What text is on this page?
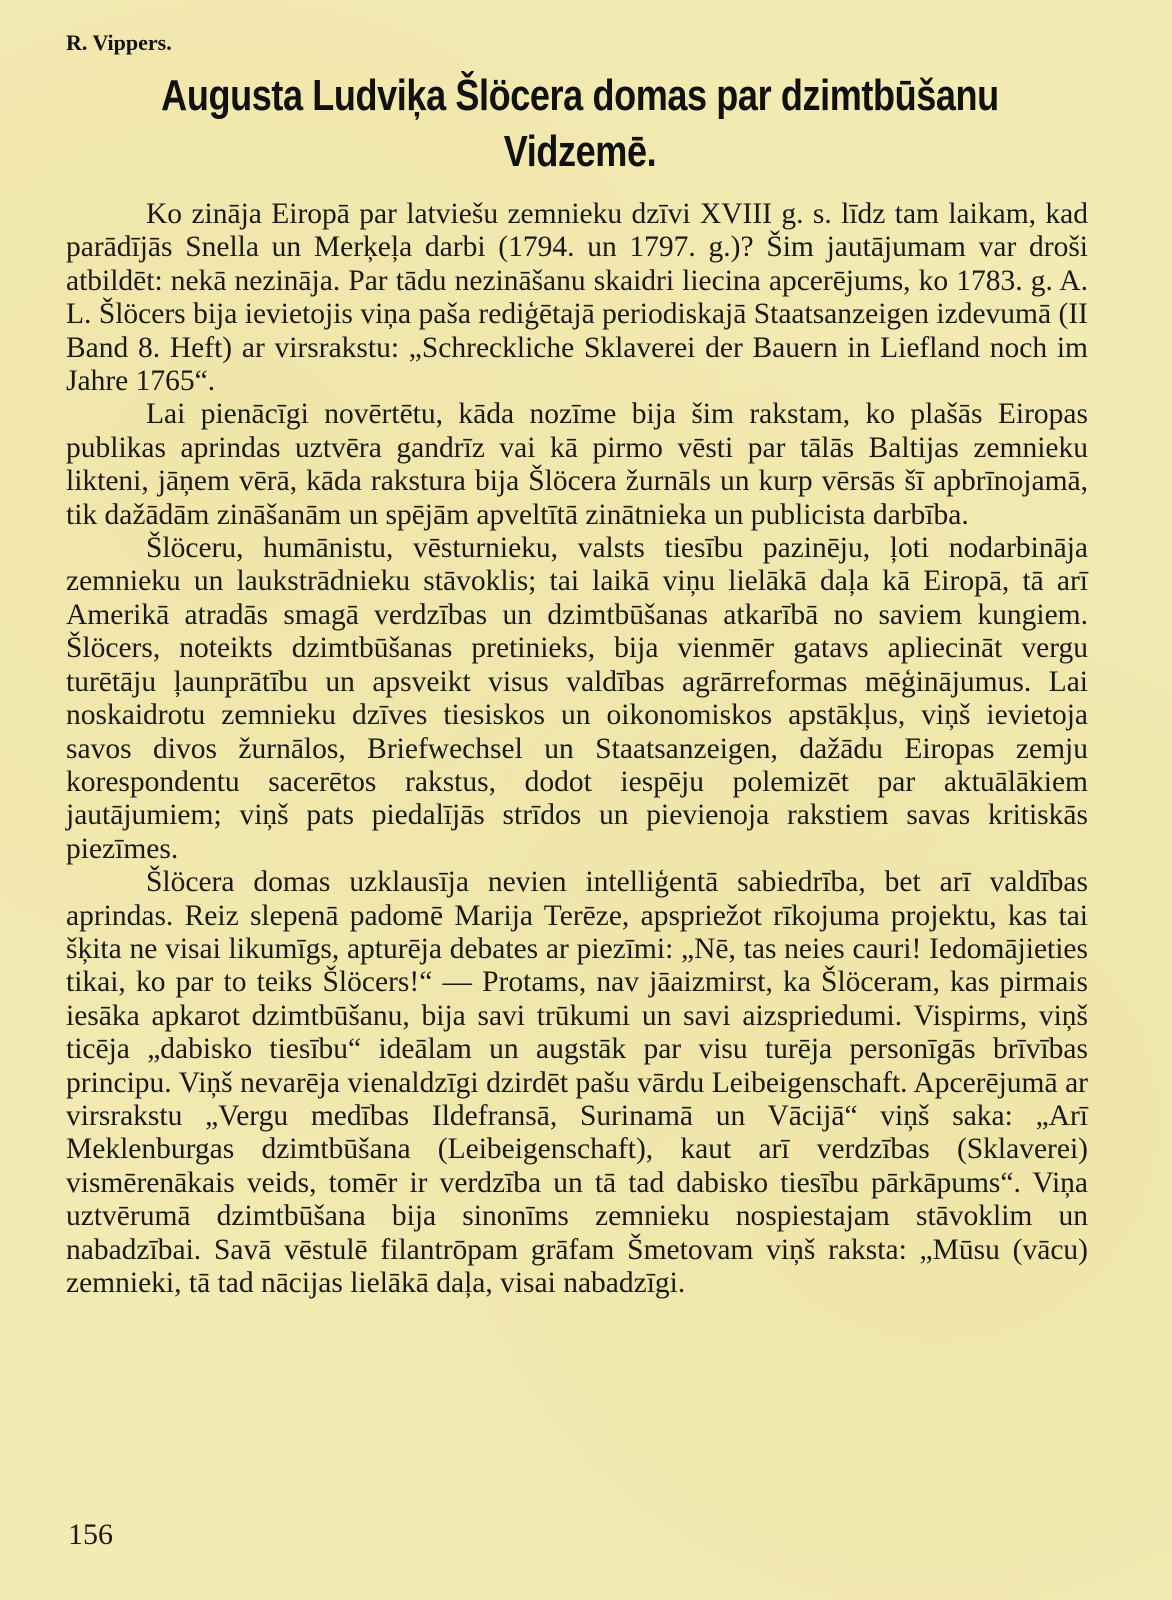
R. Vippers.
Augusta Ludviķa Šlöcera domas par dzimtbūšanu Vidzemē.

Ko zināja Eiropā par latviešu zemnieku dzīvi XVIII g. s. līdz tam laikam, kad parādījās Snella un Merķeļa darbi (1794. un 1797. g.)? Šim jautājumam var droši atbildēt: nekā nezināja. Par tādu nezināšanu skaidri liecina apcerējums, ko 1783. g. A. L. Šlöcers bija ievietojis viņa paša rediģētajā periodiskajā Staatsanzeigen izdevumā (II Band 8. Heft) ar virsrakstu: „Schreckliche Sklaverei der Bauern in Liefland noch im Jahre 1765“.

Lai pienācīgi novērtētu, kāda nozīme bija šim rakstam, ko plašās Eiropas publikas aprindas uztvēra gandrīz vai kā pirmo vēsti par tālās Baltijas zemnieku likteni, jāņem vērā, kāda rakstura bija Šlöcera žurnāls un kurp vērsās šī apbrīnojamā, tik dažādām zināšanām un spējām apveltītā zinātnieka un publicista darbība.

Šlöceru, humānistu, vēsturnieku, valsts tiesību pazinēju, ļoti nodarbināja zemnieku un laukstrādnieku stāvoklis; tai laikā viņu lielākā daļa kā Eiropā, tā arī Amerikā atradās smagā verdzības un dzimtbūšanas atkarībā no saviem kungiem. Šlöcers, noteikts dzimtbūšanas pretinieks, bija vienmēr gatavs apliecināt vergu turētāju ļaunprātību un apsveikt visus valdības agrārreformas mēģinājumus. Lai noskaidrotu zemnieku dzīves tiesiskos un oikonomiskos apstākļus, viņš ievietoja savos divos žurnālos, Briefwechsel un Staatsanzeigen, dažādu Eiropas zemju korespondentu sacerētos rakstus, dodot iespēju polemizēt par aktuālākiem jautājumiem; viņš pats piedalījās strīdos un pievienoja rakstiem savas kritiskās piezīmes.

Šlöcera domas uzklausīja nevien intelliģentā sabiedrība, bet arī valdības aprindas. Reiz slepenā padomē Marija Terēze, apspriežot rīkojuma projektu, kas tai šķita ne visai likumīgs, apturēja debates ar piezīmi: „Nē, tas neies cauri! Iedomājieties tikai, ko par to teiks Šlöcers!“ — Protams, nav jāaizmirst, ka Šlöceram, kas pirmais iesāka apkarot dzimtbūšanu, bija savi trūkumi un savi aizspriedumi. Vispirms, viņš ticēja „dabisko tiesību“ ideālam un augstāk par visu turēja personīgās brīvības principu. Viņš nevarēja vienaldzīgi dzirdēt pašu vārdu Leibeigenschaft. Apcerējumā ar virsrakstu „Vergu medības Ildefransā, Surinamā un Vācijā“ viņš saka: „Arī Meklenburgas dzimtbūšana (Leibeigenschaft), kaut arī verdzības (Sklaverei) vismērenākais veids, tomēr ir verdzība un tā tad dabisko tiesību pārkāpums“. Viņa uztvērumā dzimtbūšana bija sinonīms zemnieku nospiestajam stāvoklim un nabadzībai. Savā vēstulē filantrōpam grāfam Šmetovam viņš raksta: „Mūsu (vācu) zemnieki, tā tad nācijas lielākā daļa, visai nabadzīgi.

156
